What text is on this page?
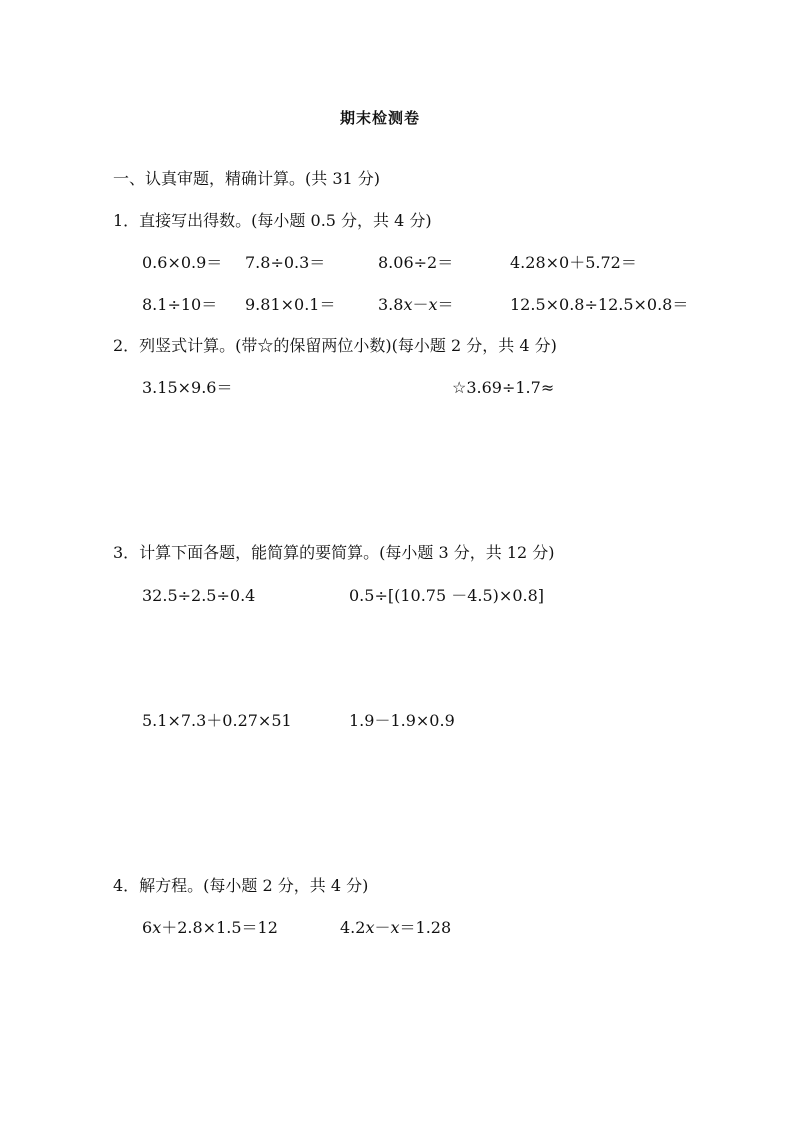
期末检测卷
一、认真审题，精确计算。(共 31 分)
1．直接写出得数。(每小题 0.5 分，共 4 分)
0.6×0.9＝ 7.8÷0.3＝	8.06÷2＝	4.28×0＋5.72＝
8.1÷10＝ 9.81×0.1＝	3.8x－x＝	12.5×0.8÷12.5×0.8＝
2．列竖式计算。(带☆的保留两位小数)(每小题 2 分，共 4 分)
3.15×9.6＝	☆3.69÷1.7≈
3．计算下面各题，能简算的要简算。(每小题 3 分，共 12 分)
32.5÷2.5÷0.4	0.5÷[(10.75 －4.5)×0.8]
5.1×7.3＋0.27×51	1.9－1.9×0.9
4．解方程。(每小题 2 分，共 4 分)
6x＋2.8×1.5＝12	4.2x－x＝1.28
